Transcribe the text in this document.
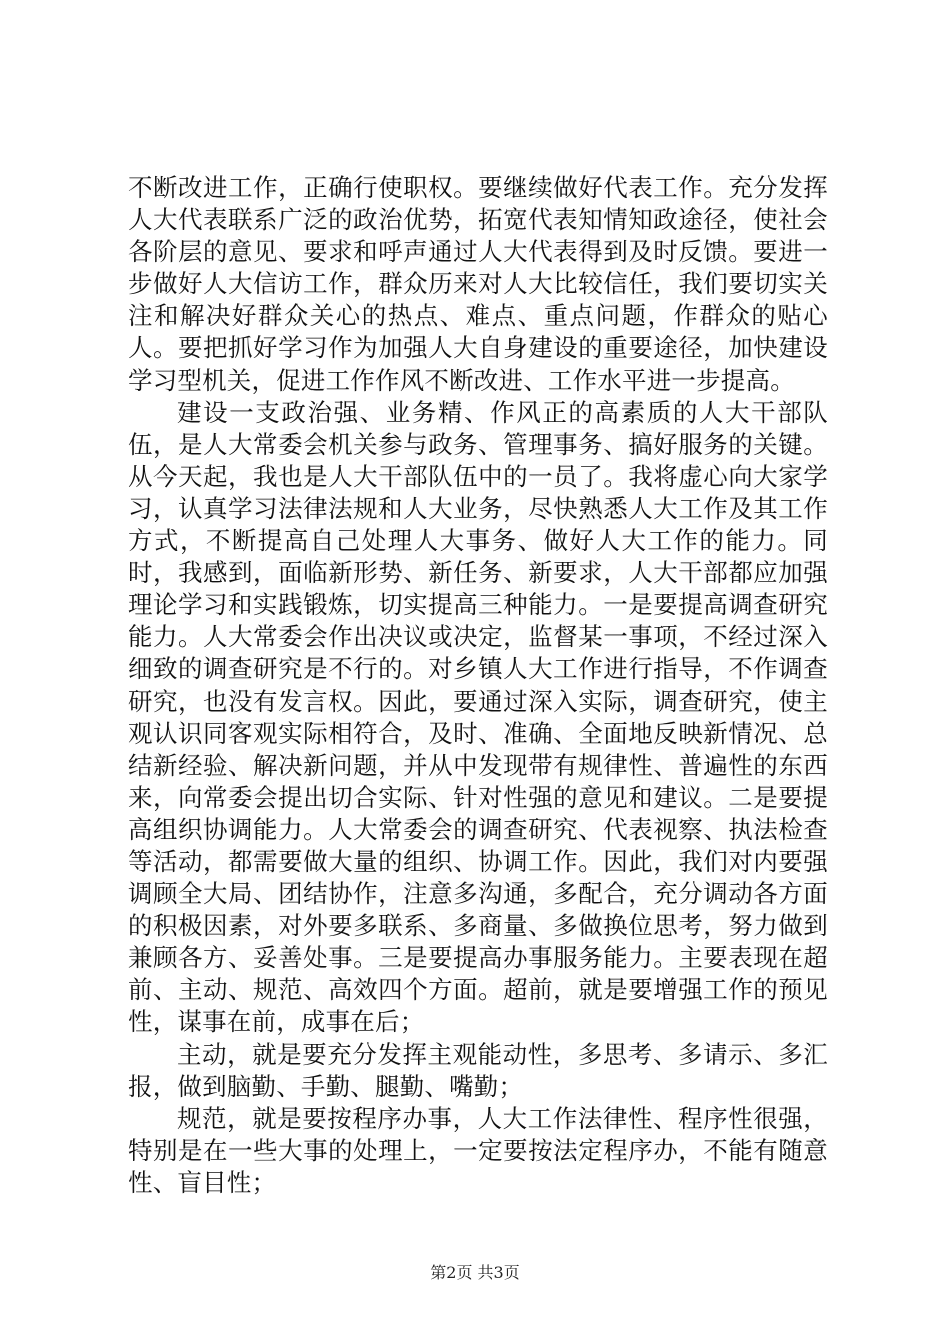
不断改进工作，正确行使职权。要继续做好代表工作。充分发挥人大代表联系广泛的政治优势，拓宽代表知情知政途径，使社会各阶层的意见、要求和呼声通过人大代表得到及时反馈。要进一步做好人大信访工作，群众历来对人大比较信任，我们要切实关注和解决好群众关心的热点、难点、重点问题，作群众的贴心人。要把抓好学习作为加强人大自身建设的重要途径，加快建设学习型机关，促进工作作风不断改进、工作水平进一步提高。

建设一支政治强、业务精、作风正的高素质的人大干部队伍，是人大常委会机关参与政务、管理事务、搞好服务的关键。从今天起，我也是人大干部队伍中的一员了。我将虚心向大家学习，认真学习法律法规和人大业务，尽快熟悉人大工作及其工作方式，不断提高自己处理人大事务、做好人大工作的能力。同时，我感到，面临新形势、新任务、新要求，人大干部都应加强理论学习和实践锻炼，切实提高三种能力。一是要提高调查研究能力。人大常委会作出决议或决定，监督某一事项，不经过深入细致的调查研究是不行的。对乡镇人大工作进行指导，不作调查研究，也没有发言权。因此，要通过深入实际，调查研究，使主观认识同客观实际相符合，及时、准确、全面地反映新情况、总结新经验、解决新问题，并从中发现带有规律性、普遍性的东西来，向常委会提出切合实际、针对性强的意见和建议。二是要提高组织协调能力。人大常委会的调查研究、代表视察、执法检查等活动，都需要做大量的组织、协调工作。因此，我们对内要强调顾全大局、团结协作，注意多沟通，多配合，充分调动各方面的积极因素，对外要多联系、多商量、多做换位思考，努力做到兼顾各方、妥善处事。三是要提高办事服务能力。主要表现在超前、主动、规范、高效四个方面。超前，就是要增强工作的预见性，谋事在前，成事在后；

主动，就是要充分发挥主观能动性，多思考、多请示、多汇报，做到脑勤、手勤、腿勤、嘴勤；

规范，就是要按程序办事，人大工作法律性、程序性很强，特别是在一些大事的处理上，一定要按法定程序办，不能有随意性、盲目性；

第2页 共3页
